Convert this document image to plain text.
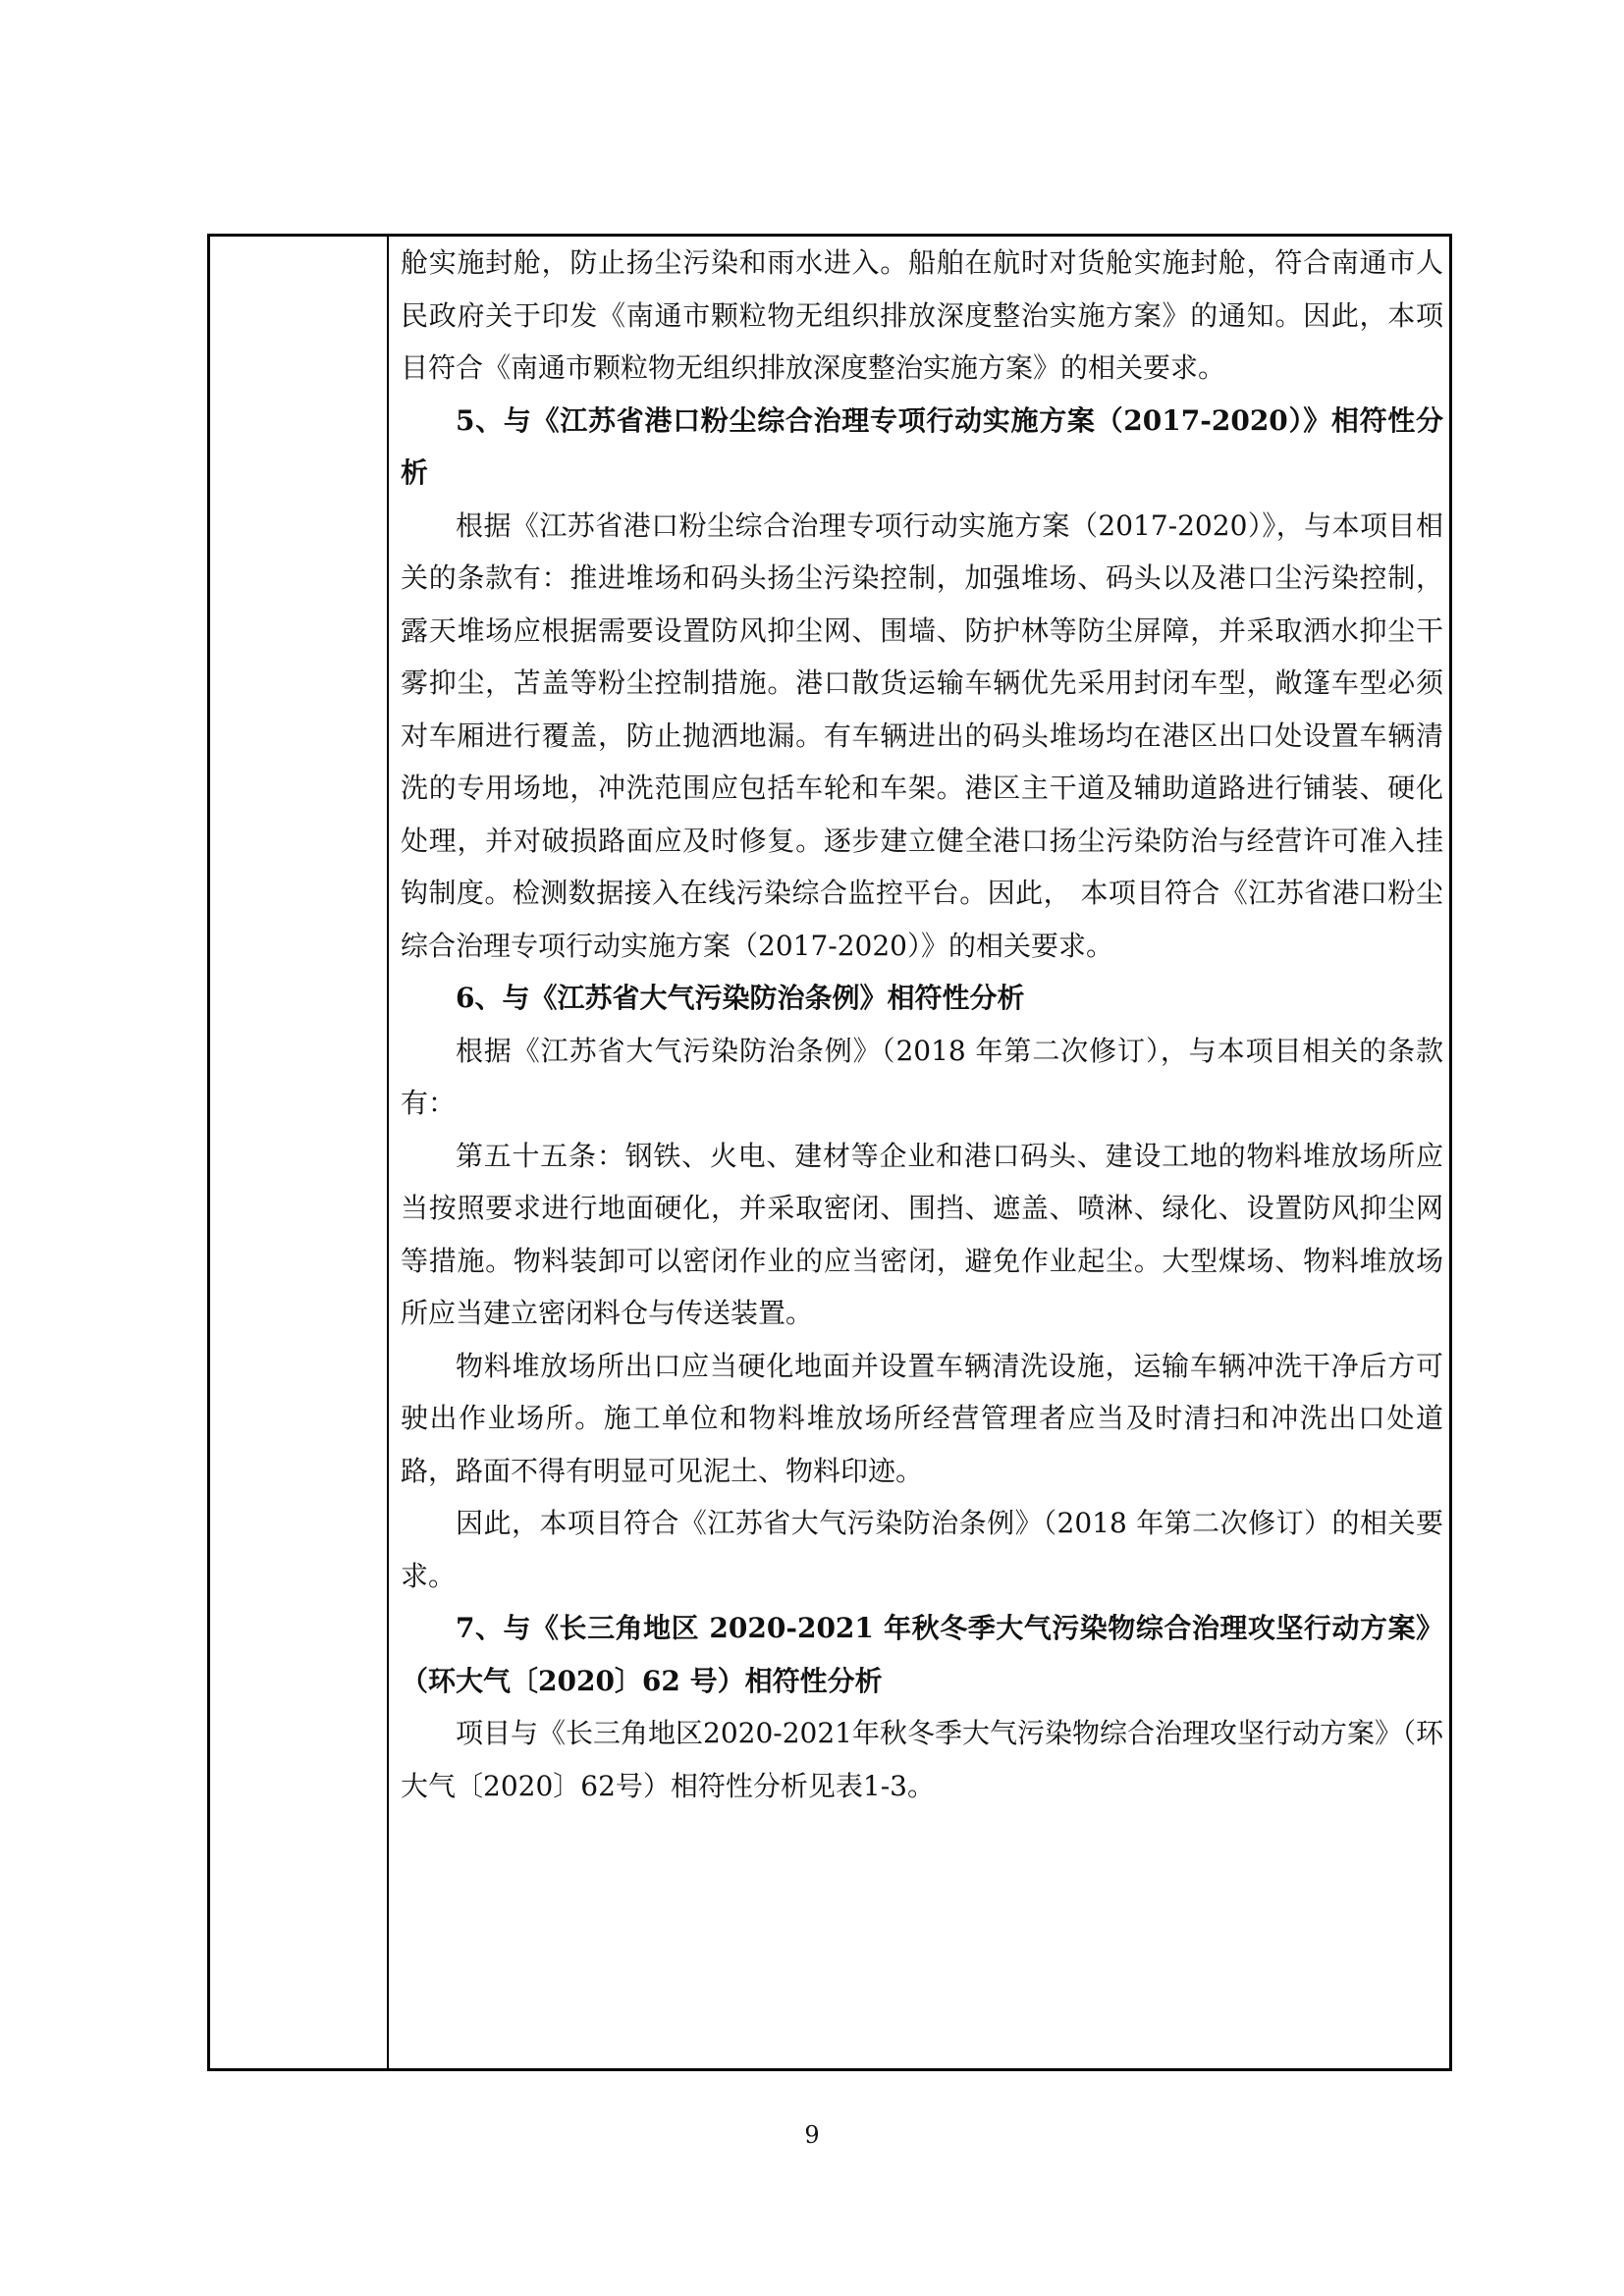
舱实施封舱，防止扬尘污染和雨水进入。船舶在航时对货舱实施封舱，符合南通市人民政府关于印发《南通市颗粒物无组织排放深度整治实施方案》的通知。因此，本项目符合《南通市颗粒物无组织排放深度整治实施方案》的相关要求。

5、与《江苏省港口粉尘综合治理专项行动实施方案（2017-2020）》相符性分析

根据《江苏省港口粉尘综合治理专项行动实施方案（2017-2020）》，与本项目相关的条款有：推进堆场和码头扬尘污染控制，加强堆场、码头以及港口尘污染控制，露天堆场应根据需要设置防风抑尘网、围墙、防护林等防尘屏障，并采取洒水抑尘干雾抑尘，苫盖等粉尘控制措施。港口散货运输车辆优先采用封闭车型，敞篷车型必须对车厢进行覆盖，防止抛洒地漏。有车辆进出的码头堆场均在港区出口处设置车辆清洗的专用场地，冲洗范围应包括车轮和车架。港区主干道及辅助道路进行铺装、硬化处理，并对破损路面应及时修复。逐步建立健全港口扬尘污染防治与经营许可准入挂钩制度。检测数据接入在线污染综合监控平台。因此， 本项目符合《江苏省港口粉尘综合治理专项行动实施方案（2017-2020）》的相关要求。

6、与《江苏省大气污染防治条例》相符性分析

根据《江苏省大气污染防治条例》（2018 年第二次修订），与本项目相关的条款有：

第五十五条：钢铁、火电、建材等企业和港口码头、建设工地的物料堆放场所应当按照要求进行地面硬化，并采取密闭、围挡、遮盖、喷淋、绿化、设置防风抑尘网等措施。物料装卸可以密闭作业的应当密闭，避免作业起尘。大型煤场、物料堆放场所应当建立密闭料仓与传送装置。

物料堆放场所出口应当硬化地面并设置车辆清洗设施，运输车辆冲洗干净后方可驶出作业场所。施工单位和物料堆放场所经营管理者应当及时清扫和冲洗出口处道路，路面不得有明显可见泥土、物料印迹。

因此，本项目符合《江苏省大气污染防治条例》（2018 年第二次修订）的相关要求。

7、与《长三角地区 2020-2021 年秋冬季大气污染物综合治理攻坚行动方案》（环大气〔2020〕62 号）相符性分析

项目与《长三角地区2020-2021年秋冬季大气污染物综合治理攻坚行动方案》（环大气〔2020〕62号）相符性分析见表1-3。

9
